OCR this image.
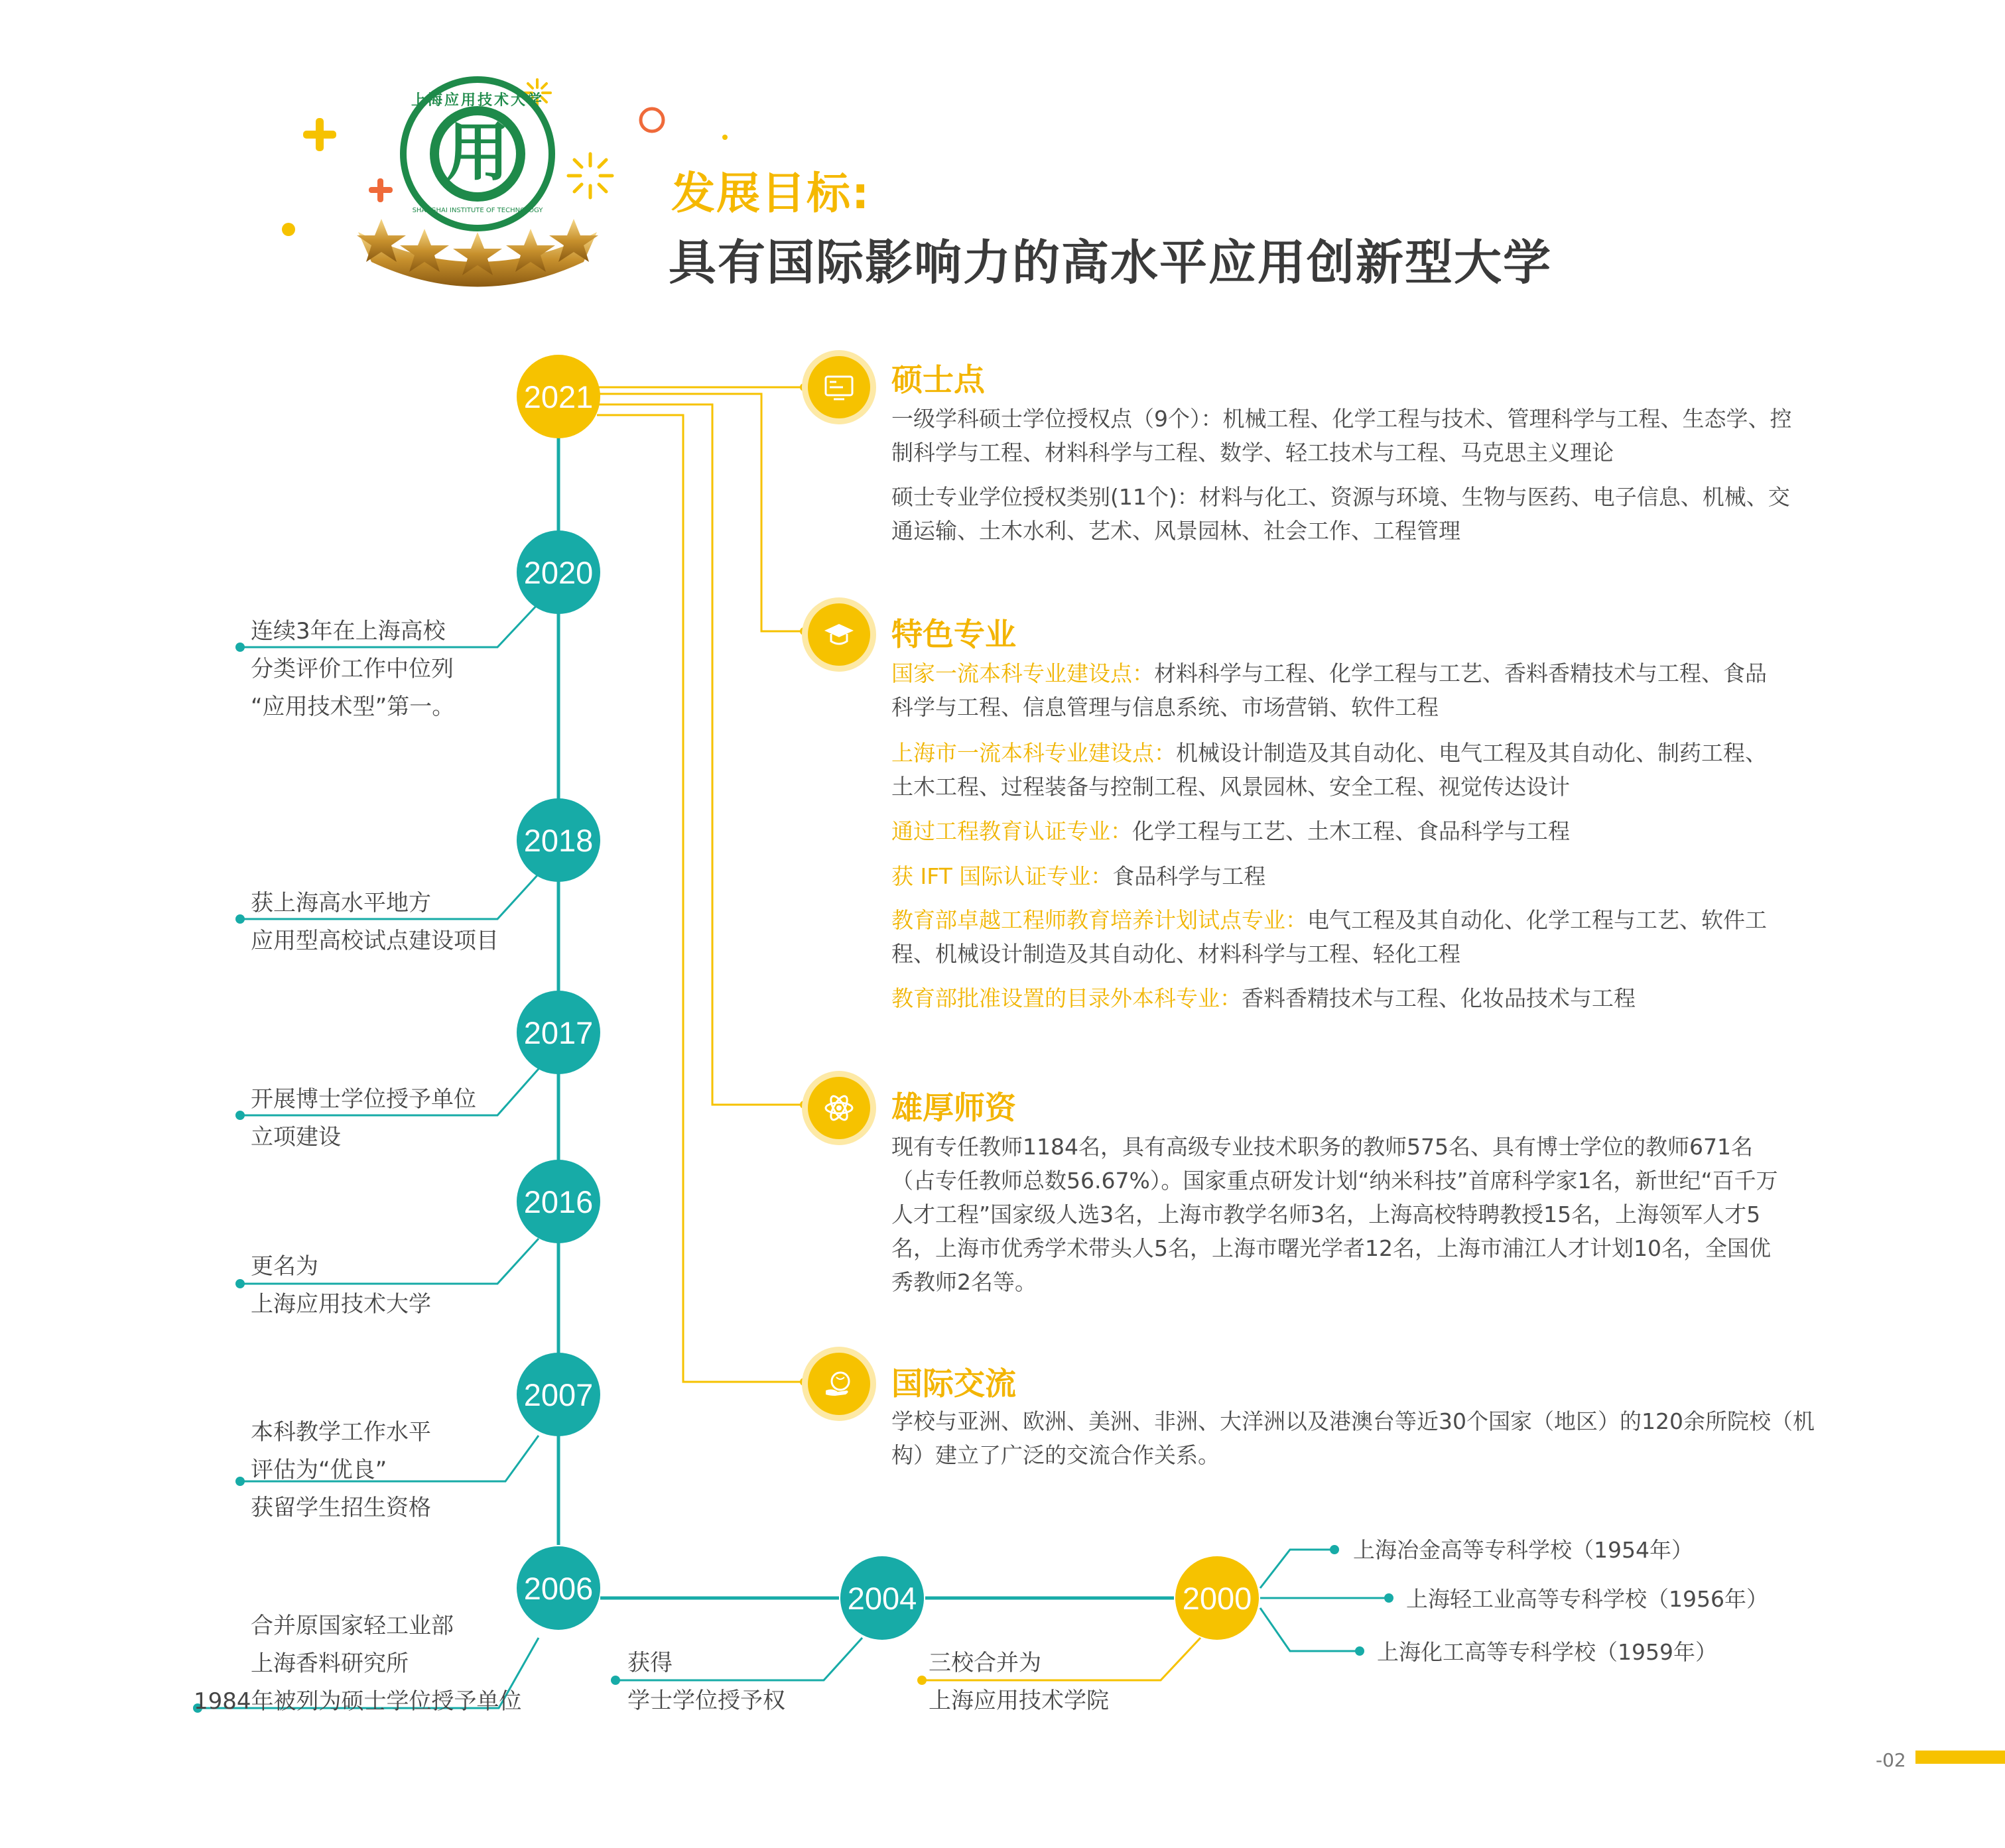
用
上海应用技术大学
SHANGHAI INSTITUTE OF TECHNOLOGY	发展目标:
具有国际影响力的高水平应用创新型大学
2021
2020
2018
2017
2016
2007
2006	2004	2000
连续3年在上海高校
分类评价工作中位列
“应用技术型”第一。
获上海高水平地方
应用型高校试点建设项目
开展博士学位授予单位
立项建设
更名为
上海应用技术大学
本科教学工作水平
评估为“优良”
获留学生招生资格
合并原国家轻工业部
上海香料研究所
1984年被列为硕士学位授予单位
获得
学士学位授予权
三校合并为
上海应用技术学院
上海冶金高等专科学校（1954年）
上海轻工业高等专科学校（1956年）
上海化工高等专科学校（1959年）
硕士点
一级学科硕士学位授权点（9个）：机械工程、化学工程与技术、管理科学与工程、生态学、控
制科学与工程、材料科学与工程、数学、轻工技术与工程、马克思主义理论
硕士专业学位授权类别(11个)：材料与化工、资源与环境、生物与医药、电子信息、机械、交
通运输、土木水利、艺术、风景园林、社会工作、工程管理
特色专业
国家一流本科专业建设点：材料科学与工程、化学工程与工艺、香料香精技术与工程、食品
科学与工程、信息管理与信息系统、市场营销、软件工程
上海市一流本科专业建设点：机械设计制造及其自动化、电气工程及其自动化、制药工程、
土木工程、过程装备与控制工程、风景园林、安全工程、视觉传达设计
通过工程教育认证专业：化学工程与工艺、土木工程、食品科学与工程
获 IFT 国际认证专业：食品科学与工程
教育部卓越工程师教育培养计划试点专业：电气工程及其自动化、化学工程与工艺、软件工
程、机械设计制造及其自动化、材料科学与工程、轻化工程
教育部批准设置的目录外本科专业：香料香精技术与工程、化妆品技术与工程
雄厚师资
现有专任教师1184名，具有高级专业技术职务的教师575名、具有博士学位的教师671名
（占专任教师总数56.67%）。国家重点研发计划“纳米科技”首席科学家1名，新世纪“百千万
人才工程”国家级人选3名，上海市教学名师3名，上海高校特聘教授15名，上海领军人才5
名，上海市优秀学术带头人5名，上海市曙光学者12名，上海市浦江人才计划10名，全国优
秀教师2名等。
国际交流
学校与亚洲、欧洲、美洲、非洲、大洋洲以及港澳台等近30个国家（地区）的120余所院校（机
构）建立了广泛的交流合作关系。
-02
